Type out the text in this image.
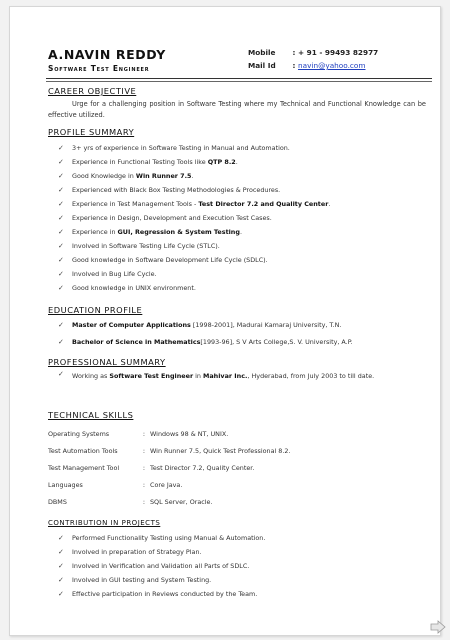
A.NAVIN REDDY
Software Test Engineer
Mobile : + 91 - 99493 82977
Mail Id : navin@yahoo.com
CAREER OBJECTIVE
Urge for a challenging position in Software Testing where my Technical and Functional Knowledge can be effective utilized.
PROFILE SUMMARY
✓ 3+ yrs of experience in Software Testing in Manual and Automation.
✓ Experience in Functional Testing Tools like QTP 8.2.
✓ Good Knowledge in Win Runner 7.5.
✓ Experienced with Black Box Testing Methodologies & Procedures.
✓ Experience in Test Management Tools - Test Director 7.2 and Quality Center.
✓ Experience in Design, Development and Execution Test Cases.
✓ Experience in GUI, Regression & System Testing.
✓ Involved in Software Testing Life Cycle (STLC).
✓ Good knowledge in Software Development Life Cycle (SDLC).
✓ Involved in Bug Life Cycle.
✓ Good knowledge in UNIX environment.
EDUCATION PROFILE
✓ Master of Computer Applications [1998-2001], Madurai Kamaraj University, T.N.
✓ Bachelor of Science in Mathematics[1993-96], S V Arts College,S. V. University, A.P.
PROFESSIONAL SUMMARY
✓ Working as Software Test Engineer in Mahivar Inc., Hyderabad, from July 2003 to till date.
TECHNICAL SKILLS
Operating Systems	:	Windows 98 & NT, UNIX.
Test Automation Tools	:	Win Runner 7.5, Quick Test Professional 8.2.
Test Management Tool	:	Test Director 7.2, Quality Center.
Languages	:	Core Java.
DBMS	:	SQL Server, Oracle.
CONTRIBUTION IN PROJECTS
✓ Performed Functionality Testing using Manual & Automation.
✓ Involved in preparation of Strategy Plan.
✓ Involved in Verification and Validation all Parts of SDLC.
✓ Involved in GUI testing and System Testing.
✓ Effective participation in Reviews conducted by the Team.
